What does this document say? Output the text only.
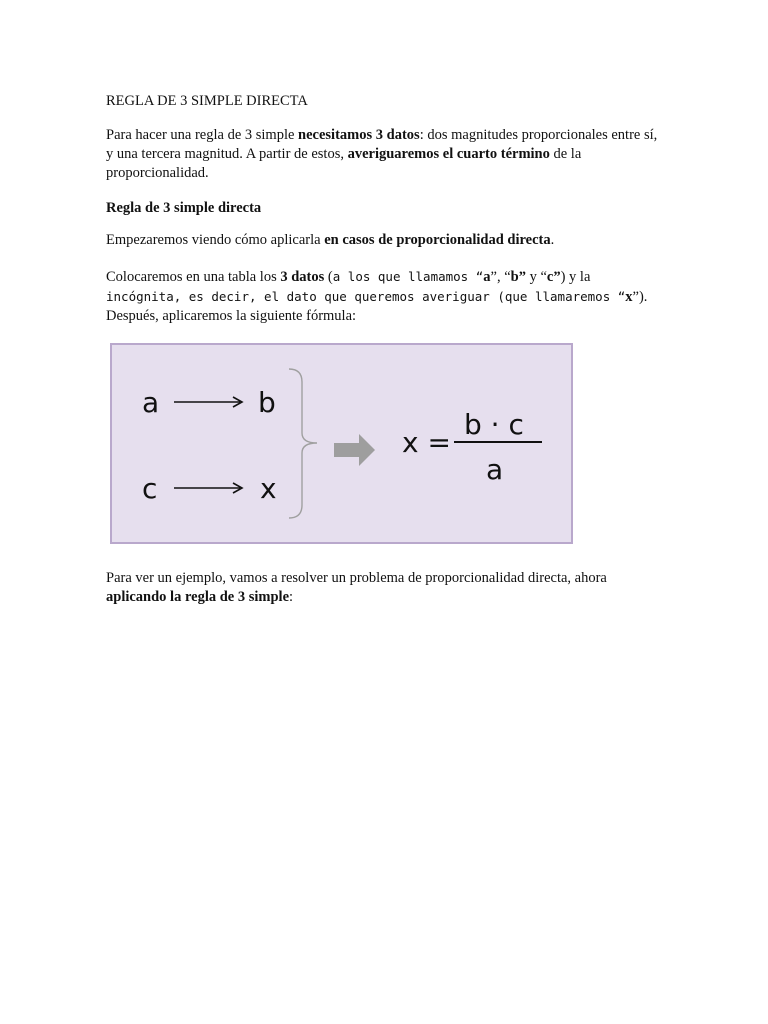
REGLA DE 3 SIMPLE DIRECTA

Para hacer una regla de 3 simple necesitamos 3 datos: dos magnitudes proporcionales entre sí, y una tercera magnitud. A partir de estos, averiguaremos el cuarto término de la proporcionalidad.

Regla de 3 simple directa

Empezaremos viendo cómo aplicarla en casos de proporcionalidad directa.

Colocaremos en una tabla los 3 datos (a los que llamamos “a”, “b” y “c”) y la incógnita, es decir, el dato que queremos averiguar (que llamaremos “x”). Después, aplicaremos la siguiente fórmula:

a	b
c	x
x =
b · c
a

Para ver un ejemplo, vamos a resolver un problema de proporcionalidad directa, ahora aplicando la regla de 3 simple:
